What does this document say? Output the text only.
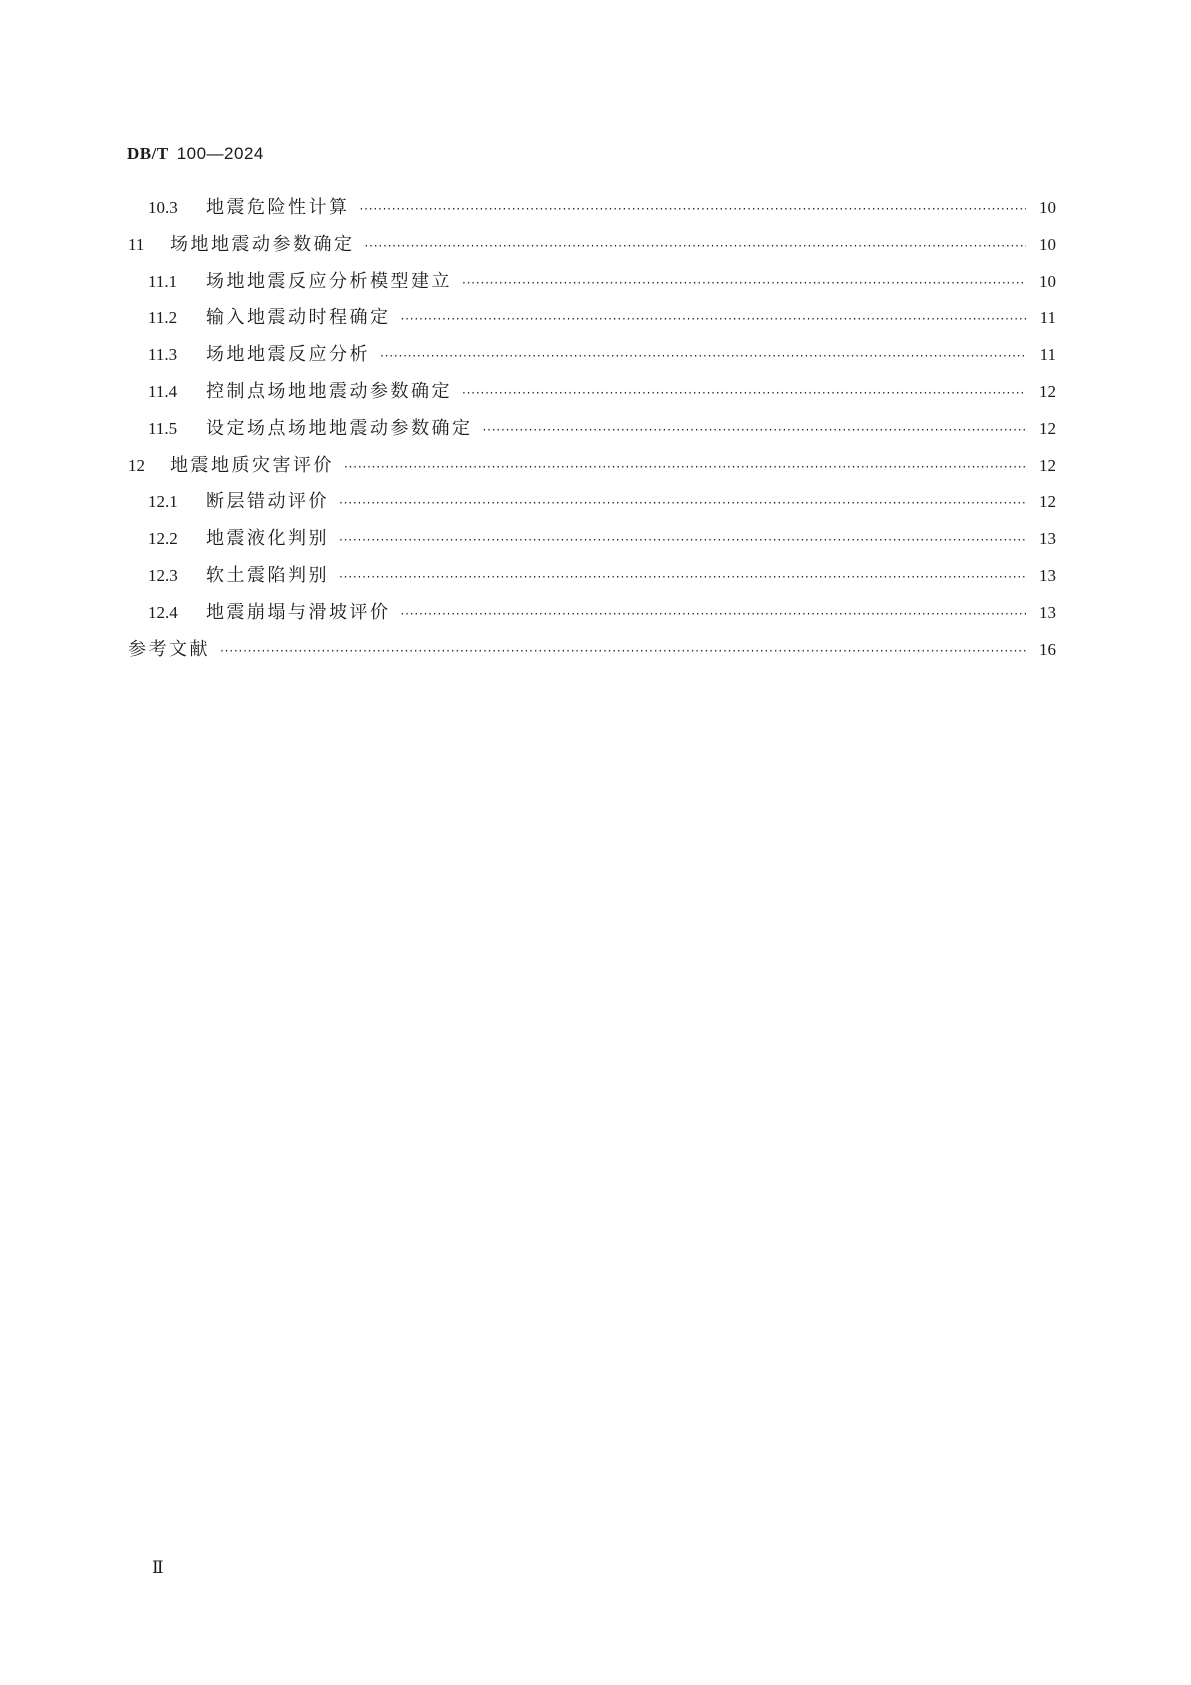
DB/T 100—2024
10.3	地震危险性计算 ·····	10
11	场地地震动参数确定 ·····	10
11.1	场地地震反应分析模型建立 ·····	10
11.2	输入地震动时程确定 ·····	11
11.3	场地地震反应分析 ·····	11
11.4	控制点场地地震动参数确定 ·····	12
11.5	设定场点场地地震动参数确定 ·····	12
12	地震地质灾害评价 ·····	12
12.1	断层错动评价 ·····	12
12.2	地震液化判别 ·····	13
12.3	软土震陷判别 ·····	13
12.4	地震崩塌与滑坡评价 ·····	13
参考文献 ·····	16
Ⅱ
